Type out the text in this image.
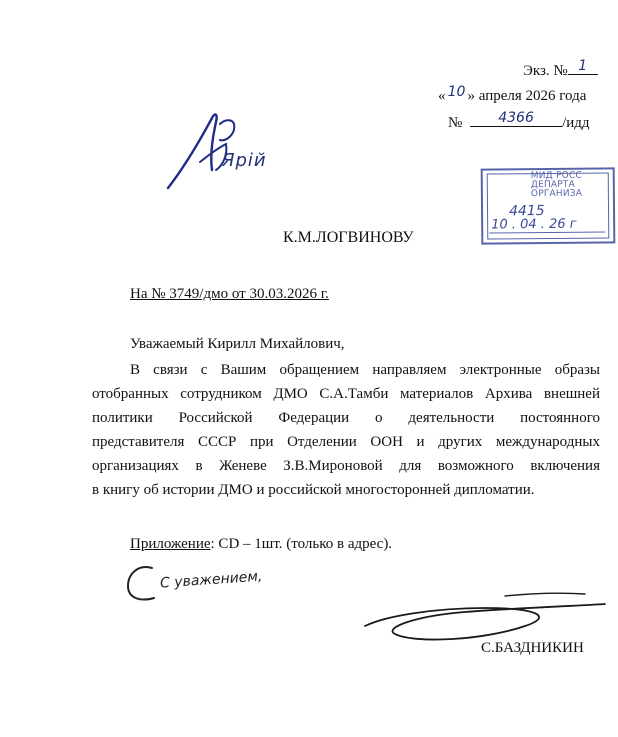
Экз. № 1
« 10 » апреля 2026 года
№	4366	/идд
Ярій
МИД РОСС
ДЕПАРТА
ОРГАНИЗА
4415
10 . 04 . 26 г
К.М.ЛОГВИНОВУ
На № 3749/дмо от 30.03.2026 г.
Уважаемый Кирилл Михайлович,
В связи с Вашим обращением направляем электронные образы
отобранных сотрудником ДМО С.А.Тамби материалов Архива внешней
политики Российской Федерации о деятельности постоянного
представителя СССР при Отделении ООН и других международных
организациях в Женеве З.В.Мироновой для возможного включения
в книгу об истории ДМО и российской многосторонней дипломатии.
Приложение: CD – 1шт. (только в адрес).
С уважением,
С.БАЗДНИКИН
